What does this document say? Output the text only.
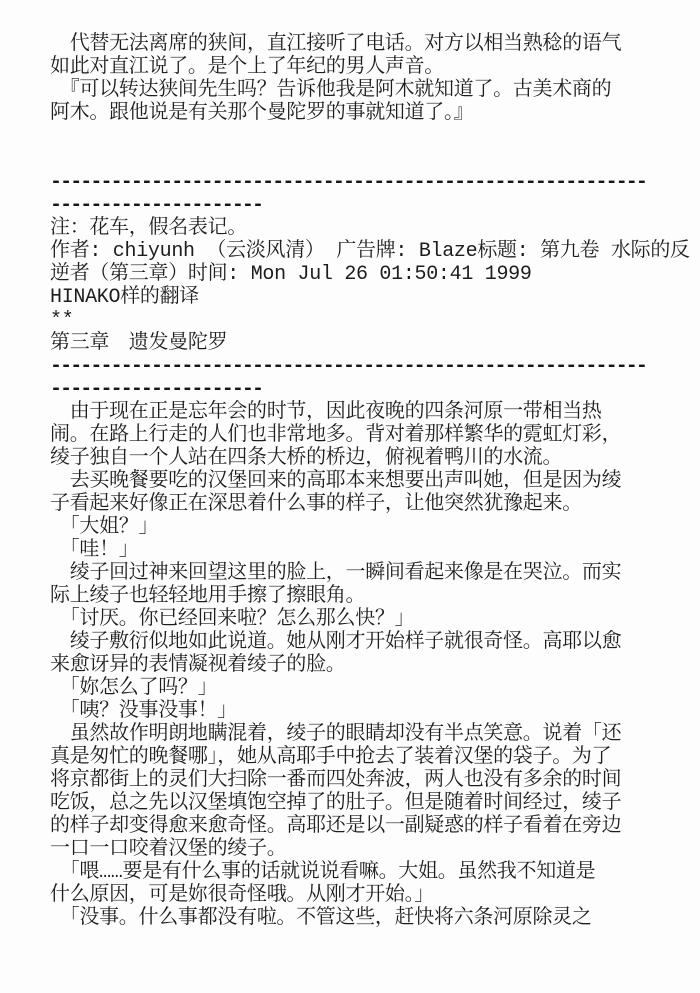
　代替无法离席的狭间，直江接听了电话。对方以相当熟稔的语气
如此对直江说了。是个上了年纪的男人声音。
　『可以转达狭间先生吗？告诉他我是阿木就知道了。古美术商的
阿木。跟他说是有关那个曼陀罗的事就知道了。』

-----------------------------------------------------------
---------------------
注：花车，假名表记。
作者: chiyunh （云淡风清） 广告牌: Blaze标题: 第九卷 水际的反
逆者（第三章）时间: Mon Jul 26 01:50:41 1999
HINAKO样的翻译
**
第三章　遗发曼陀罗
-----------------------------------------------------------
---------------------
　由于现在正是忘年会的时节，因此夜晚的四条河原一带相当热
闹。在路上行走的人们也非常地多。背对着那样繁华的霓虹灯彩，
绫子独自一个人站在四条大桥的桥边，俯视着鸭川的水流。
　去买晚餐要吃的汉堡回来的高耶本来想要出声叫她，但是因为绫
子看起来好像正在深思着什么事的样子，让他突然犹豫起来。
　「大姐？」
　「哇！」
　绫子回过神来回望这里的脸上，一瞬间看起来像是在哭泣。而实
际上绫子也轻轻地用手擦了擦眼角。
　「讨厌。你已经回来啦？怎么那么快？」
　绫子敷衍似地如此说道。她从刚才开始样子就很奇怪。高耶以愈
来愈讶异的表情凝视着绫子的脸。
　「妳怎么了吗？」
　「咦？没事没事！」
　虽然故作明朗地瞒混着，绫子的眼睛却没有半点笑意。说着「还
真是匆忙的晚餐哪」，她从高耶手中抢去了装着汉堡的袋子。为了
将京都街上的灵们大扫除一番而四处奔波，两人也没有多余的时间
吃饭，总之先以汉堡填饱空掉了的肚子。但是随着时间经过，绫子
的样子却变得愈来愈奇怪。高耶还是以一副疑惑的样子看着在旁边
一口一口咬着汉堡的绫子。
　「喂……要是有什么事的话就说说看嘛。大姐。虽然我不知道是
什么原因，可是妳很奇怪哦。从刚才开始。」
　「没事。什么事都没有啦。不管这些，赶快将六条河原除灵之
